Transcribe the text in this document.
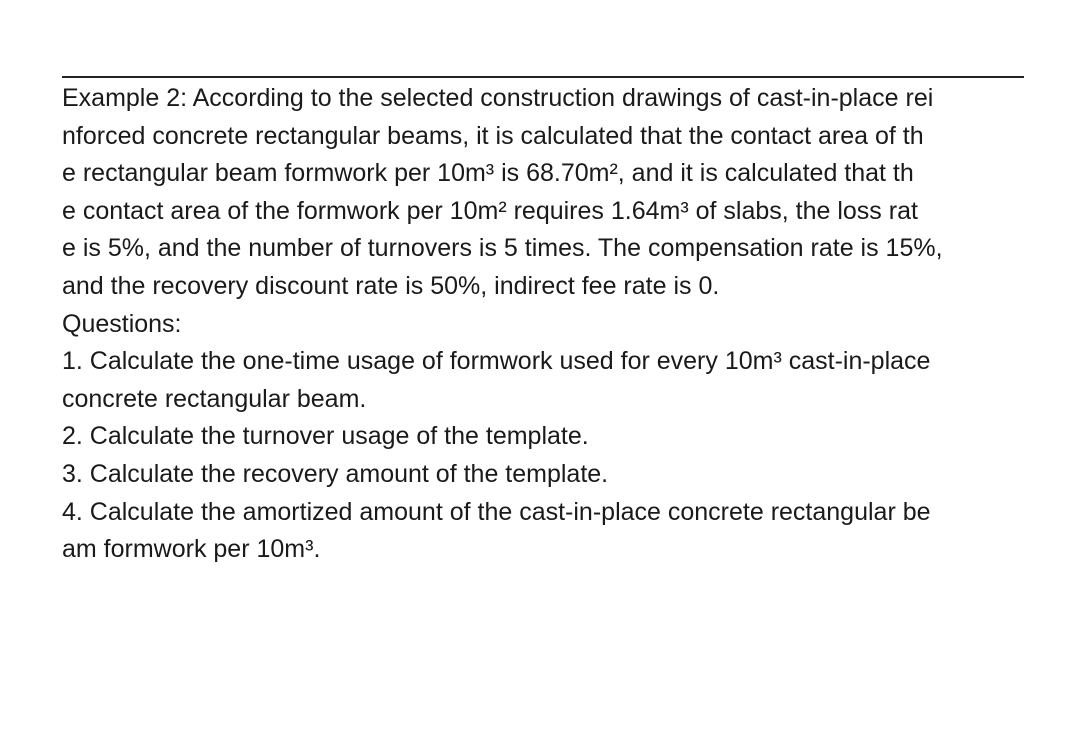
Example 2: According to the selected construction drawings of cast-in-place rei
nforced concrete rectangular beams, it is calculated that the contact area of th
e rectangular beam formwork per 10m³ is 68.70m², and it is calculated that th
e contact area of the formwork per 10m² requires 1.64m³ of slabs, the loss rat
e is 5%, and the number of turnovers is 5 times. The compensation rate is 15%,
and the recovery discount rate is 50%, indirect fee rate is 0.
Questions:
1. Calculate the one-time usage of formwork used for every 10m³ cast-in-place
concrete rectangular beam.
2. Calculate the turnover usage of the template.
3. Calculate the recovery amount of the template.
4. Calculate the amortized amount of the cast-in-place concrete rectangular be
am formwork per 10m³.
